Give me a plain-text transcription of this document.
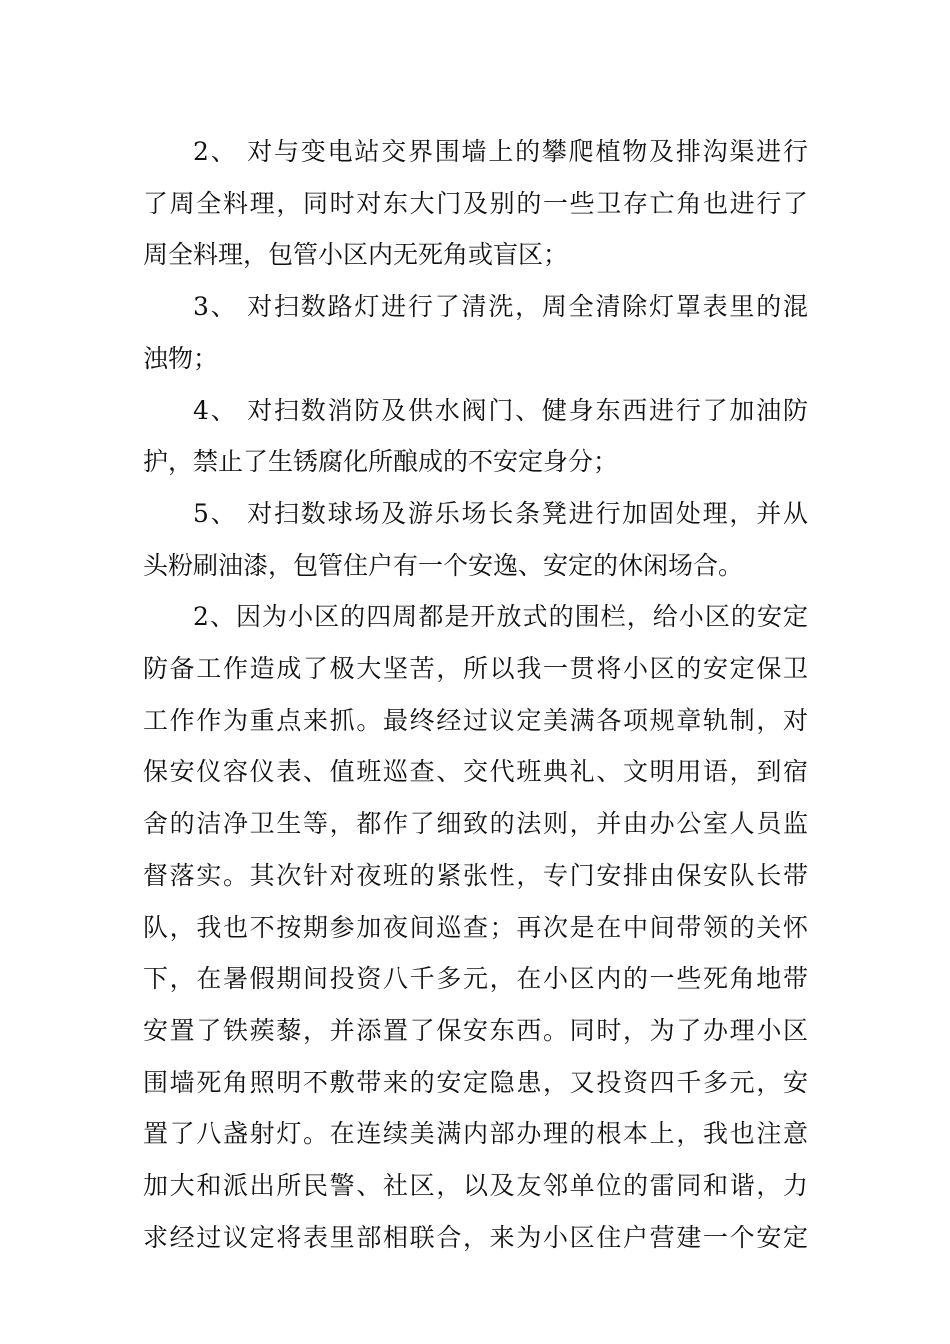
2、 对与变电站交界围墙上的攀爬植物及排沟渠进行
了周全料理，同时对东大门及别的一些卫存亡角也进行了
周全料理，包管小区内无死角或盲区；
3、 对扫数路灯进行了清洗，周全清除灯罩表里的混
浊物；
4、 对扫数消防及供水阀门、健身东西进行了加油防
护，禁止了生锈腐化所酿成的不安定身分；
5、 对扫数球场及游乐场长条凳进行加固处理，并从
头粉刷油漆，包管住户有一个安逸、安定的休闲场合。
2、因为小区的四周都是开放式的围栏，给小区的安定
防备工作造成了极大坚苦，所以我一贯将小区的安定保卫
工作作为重点来抓。最终经过议定美满各项规章轨制，对
保安仪容仪表、值班巡查、交代班典礼、文明用语，到宿
舍的洁净卫生等，都作了细致的法则，并由办公室人员监
督落实。其次针对夜班的紧张性，专门安排由保安队长带
队，我也不按期参加夜间巡查；再次是在中间带领的关怀
下，在暑假期间投资八千多元，在小区内的一些死角地带
安置了铁蒺藜，并添置了保安东西。同时，为了办理小区
围墙死角照明不敷带来的安定隐患，又投资四千多元，安
置了八盏射灯。在连续美满内部办理的根本上，我也注意
加大和派出所民警、社区，以及友邻单位的雷同和谐，力
求经过议定将表里部相联合，来为小区住户营建一个安定
